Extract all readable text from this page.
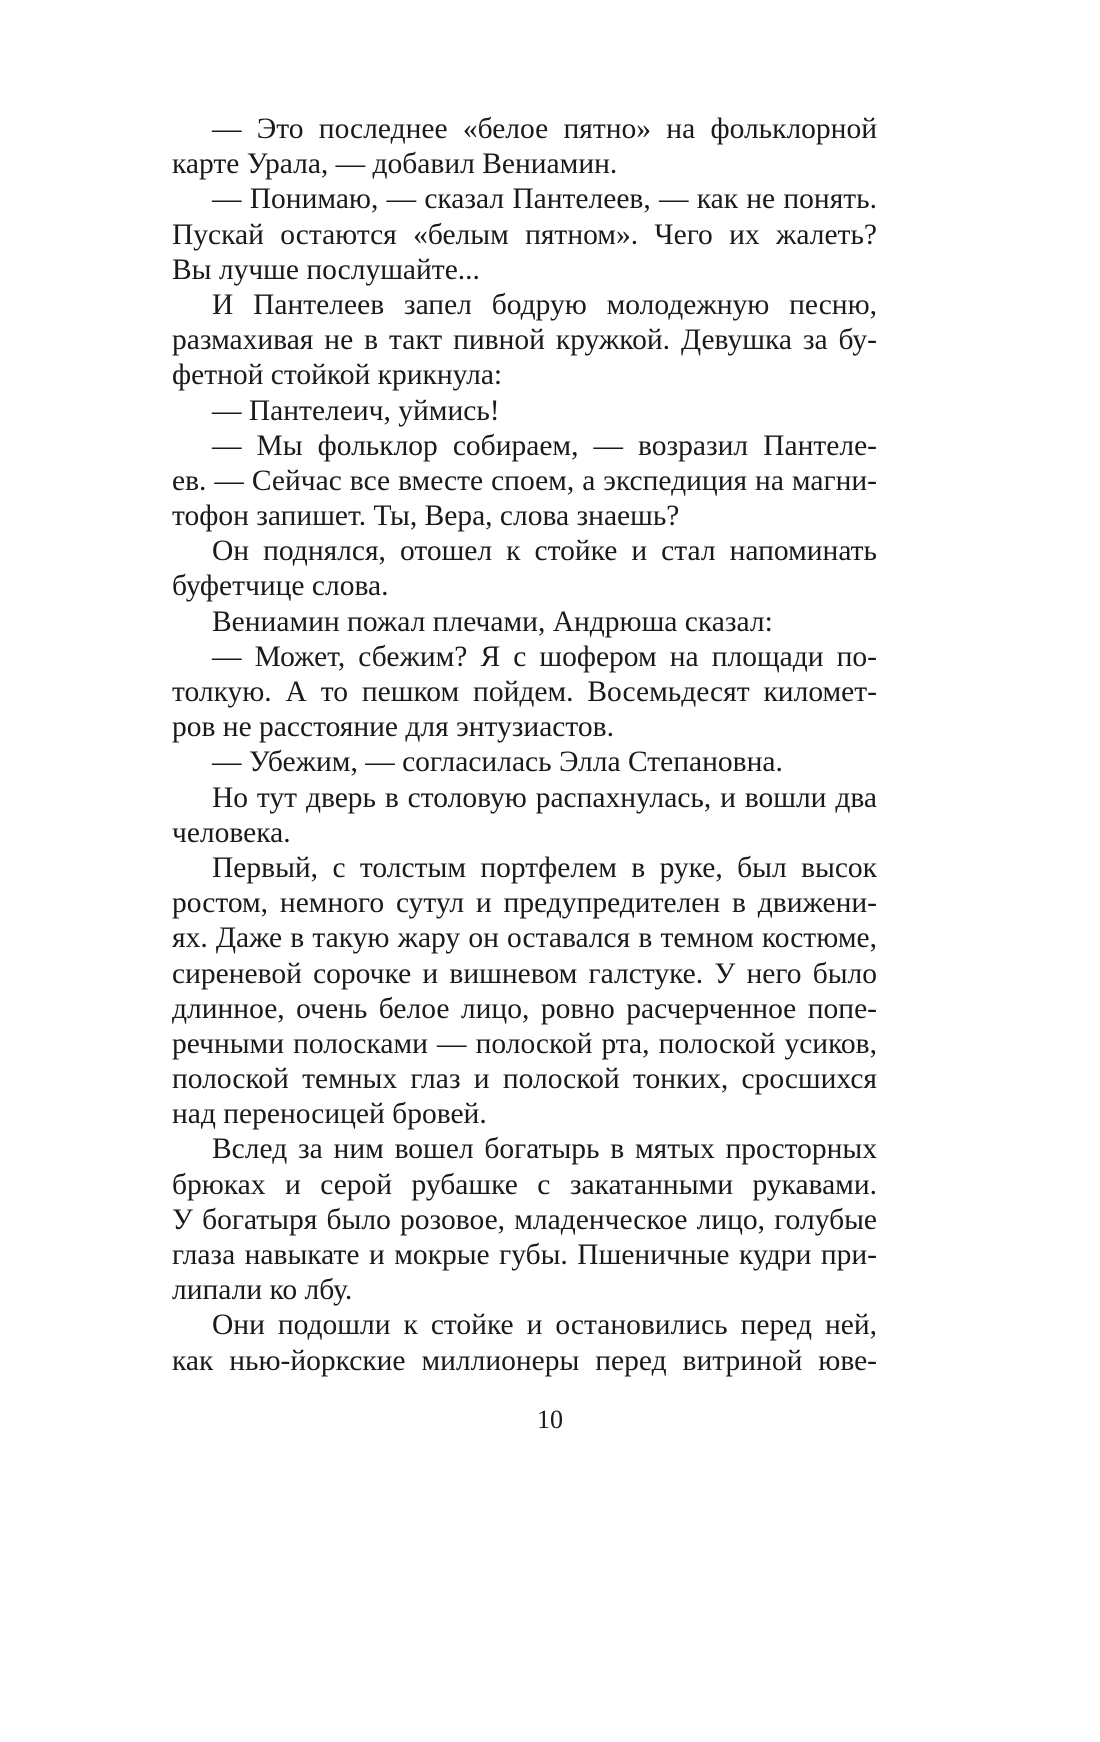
— Это последнее «белое пятно» на фольклорной
карте Урала, — добавил Вениамин.
— Понимаю, — сказал Пантелеев, — как не понять.
Пускай остаются «белым пятном». Чего их жалеть?
Вы лучше послушайте...
И Пантелеев запел бодрую молодежную песню,
размахивая не в такт пивной кружкой. Девушка за бу-
фетной стойкой крикнула:
— Пантелеич, уймись!
— Мы фольклор собираем, — возразил Пантеле-
ев. — Сейчас все вместе споем, а экспедиция на магни-
тофон запишет. Ты, Вера, слова знаешь?
Он поднялся, отошел к стойке и стал напоминать
буфетчице слова.
Вениамин пожал плечами, Андрюша сказал:
— Может, сбежим? Я с шофером на площади по-
толкую. А то пешком пойдем. Восемьдесят километ-
ров не расстояние для энтузиастов.
— Убежим, — согласилась Элла Степановна.
Но тут дверь в столовую распахнулась, и вошли два
человека.
Первый, с толстым портфелем в руке, был высок
ростом, немного сутул и предупредителен в движени-
ях. Даже в такую жару он оставался в темном костюме,
сиреневой сорочке и вишневом галстуке. У него было
длинное, очень белое лицо, ровно расчерченное попе-
речными полосками — полоской рта, полоской усиков,
полоской темных глаз и полоской тонких, сросшихся
над переносицей бровей.
Вслед за ним вошел богатырь в мятых просторных
брюках и серой рубашке с закатанными рукавами.
У богатыря было розовое, младенческое лицо, голубые
глаза навыкате и мокрые губы. Пшеничные кудри при-
липали ко лбу.
Они подошли к стойке и остановились перед ней,
как нью-йоркские миллионеры перед витриной юве-
10
